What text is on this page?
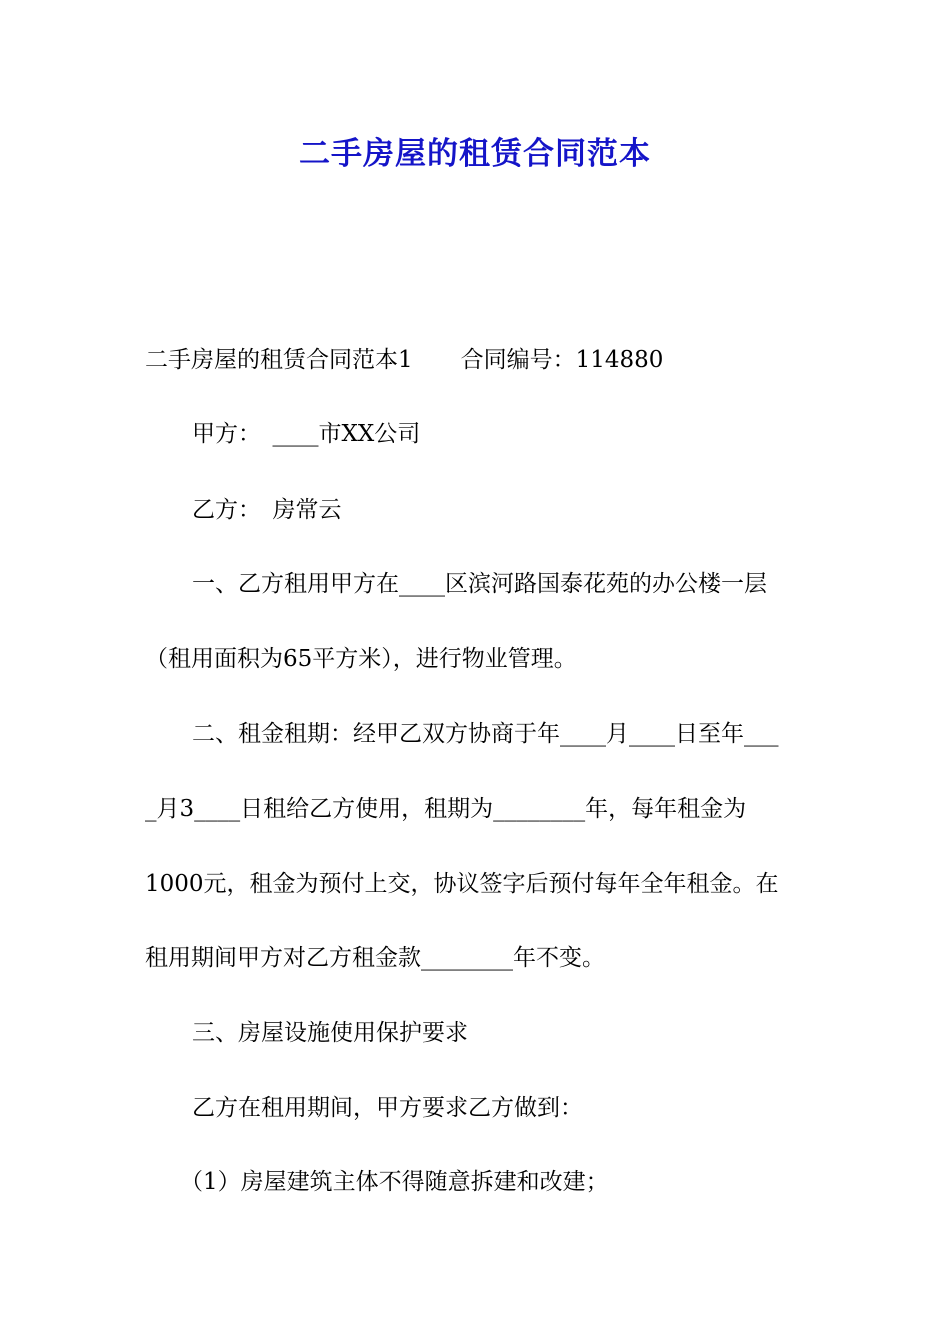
二手房屋的租赁合同范本
二手房屋的租赁合同范本1 合同编号：114880
甲方：　____市XX公司
乙方：　房常云
一、乙方租用甲方在____区滨河路国泰花苑的办公楼一层
（租用面积为65平方米），进行物业管理。
二、租金租期：经甲乙双方协商于年____月____日至年___
_月3____日租给乙方使用，租期为________年，每年租金为
1000元，租金为预付上交，协议签字后预付每年全年租金。在
租用期间甲方对乙方租金款________年不变。
三、房屋设施使用保护要求
乙方在租用期间，甲方要求乙方做到：
（1）房屋建筑主体不得随意拆建和改建；
